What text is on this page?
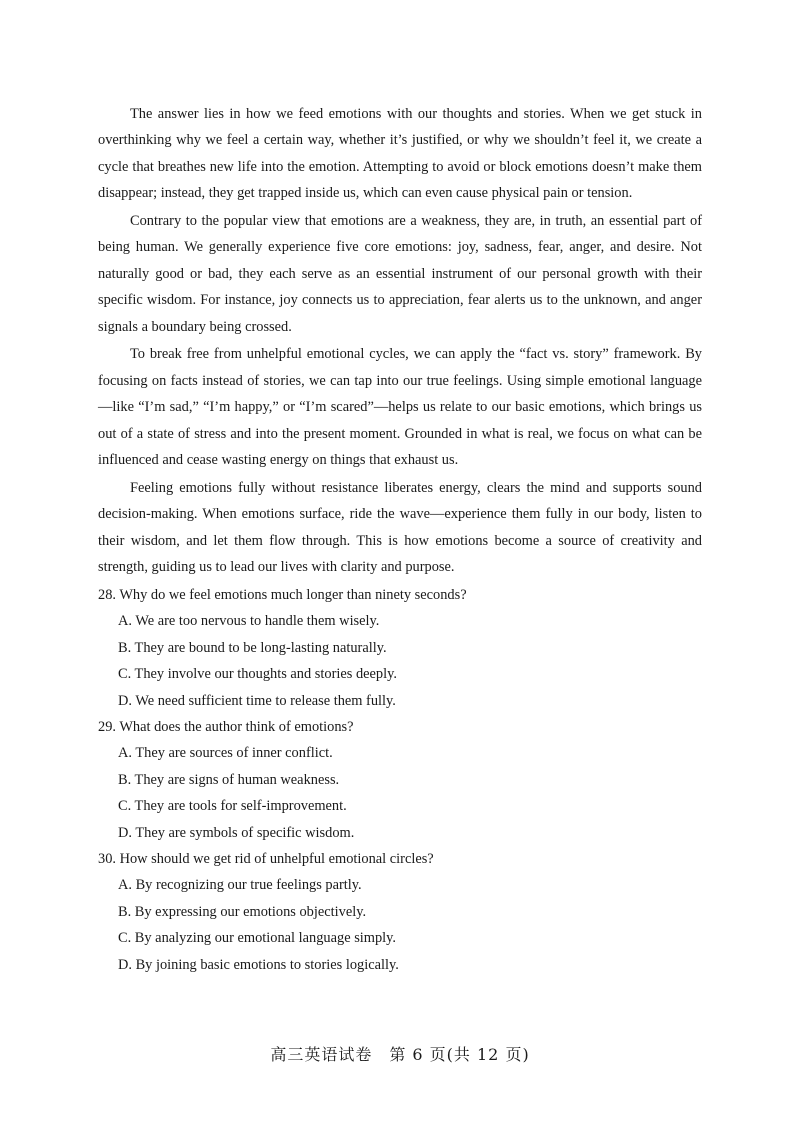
The answer lies in how we feed emotions with our thoughts and stories. When we get stuck in overthinking why we feel a certain way, whether it’s justified, or why we shouldn’t feel it, we create a cycle that breathes new life into the emotion. Attempting to avoid or block emotions doesn’t make them disappear; instead, they get trapped inside us, which can even cause physical pain or tension.

Contrary to the popular view that emotions are a weakness, they are, in truth, an essential part of being human. We generally experience five core emotions: joy, sadness, fear, anger, and desire. Not naturally good or bad, they each serve as an essential instrument of our personal growth with their specific wisdom. For instance, joy connects us to appreciation, fear alerts us to the unknown, and anger signals a boundary being crossed.

To break free from unhelpful emotional cycles, we can apply the “fact vs. story” framework. By focusing on facts instead of stories, we can tap into our true feelings. Using simple emotional language—like “I’m sad,” “I’m happy,” or “I’m scared”—helps us relate to our basic emotions, which brings us out of a state of stress and into the present moment. Grounded in what is real, we focus on what can be influenced and cease wasting energy on things that exhaust us.

Feeling emotions fully without resistance liberates energy, clears the mind and supports sound decision-making. When emotions surface, ride the wave—experience them fully in our body, listen to their wisdom, and let them flow through. This is how emotions become a source of creativity and strength, guiding us to lead our lives with clarity and purpose.

28. Why do we feel emotions much longer than ninety seconds?

A. We are too nervous to handle them wisely.
B. They are bound to be long-lasting naturally.
C. They involve our thoughts and stories deeply.
D. We need sufficient time to release them fully.

29. What does the author think of emotions?

A. They are sources of inner conflict.
B. They are signs of human weakness.
C. They are tools for self-improvement.
D. They are symbols of specific wisdom.

30. How should we get rid of unhelpful emotional circles?

A. By recognizing our true feelings partly.
B. By expressing our emotions objectively.
C. By analyzing our emotional language simply.
D. By joining basic emotions to stories logically.
高三英语试卷　第 6 页(共 12 页)
